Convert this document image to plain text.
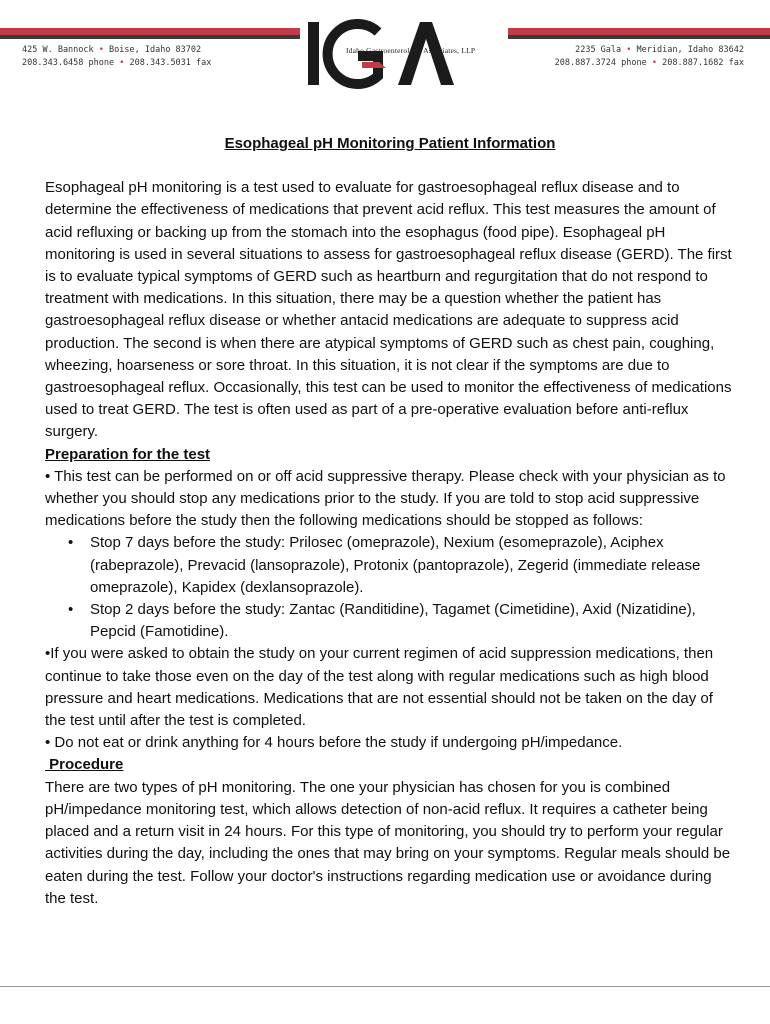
425 W. Bannock • Boise, Idaho 83702
208.343.6458 phone • 208.343.5031 fax
2235 Gala • Meridian, Idaho 83642
208.887.3724 phone • 208.887.1682 fax
Idaho Gastroenterology Associates, LLP
Esophageal pH Monitoring Patient Information

Esophageal pH monitoring is a test used to evaluate for gastroesophageal reflux disease and to determine the effectiveness of medications that prevent acid reflux. This test measures the amount of acid refluxing or backing up from the stomach into the esophagus (food pipe). Esophageal pH monitoring is used in several situations to assess for gastroesophageal reflux disease (GERD). The first is to evaluate typical symptoms of GERD such as heartburn and regurgitation that do not respond to treatment with medications. In this situation, there may be a question whether the patient has gastroesophageal reflux disease or whether antacid medications are adequate to suppress acid production. The second is when there are atypical symptoms of GERD such as chest pain, coughing, wheezing, hoarseness or sore throat. In this situation, it is not clear if the symptoms are due to gastroesophageal reflux. Occasionally, this test can be used to monitor the effectiveness of medications used to treat GERD. The test is often used as part of a pre-operative evaluation before anti-reflux surgery.

Preparation for the test

• This test can be performed on or off acid suppressive therapy. Please check with your physician as to whether you should stop any medications prior to the study. If you are told to stop acid suppressive medications before the study then the following medications should be stopped as follows:

• Stop 7 days before the study: Prilosec (omeprazole), Nexium (esomeprazole), Aciphex (rabeprazole), Prevacid (lansoprazole), Protonix (pantoprazole), Zegerid (immediate release omeprazole), Kapidex (dexlansoprazole).
• Stop 2 days before the study: Zantac (Randitidine), Tagamet (Cimetidine), Axid (Nizatidine), Pepcid (Famotidine).

•If you were asked to obtain the study on your current regimen of acid suppression medications, then continue to take those even on the day of the test along with regular medications such as high blood pressure and heart medications. Medications that are not essential should not be taken on the day of the test until after the test is completed.

• Do not eat or drink anything for 4 hours before the study if undergoing pH/impedance.

Procedure

There are two types of pH monitoring. The one your physician has chosen for you is combined pH/impedance monitoring test, which allows detection of non-acid reflux. It requires a catheter being placed and a return visit in 24 hours. For this type of monitoring, you should try to perform your regular activities during the day, including the ones that may bring on your symptoms. Regular meals should be eaten during the test. Follow your doctor's instructions regarding medication use or avoidance during the test.
